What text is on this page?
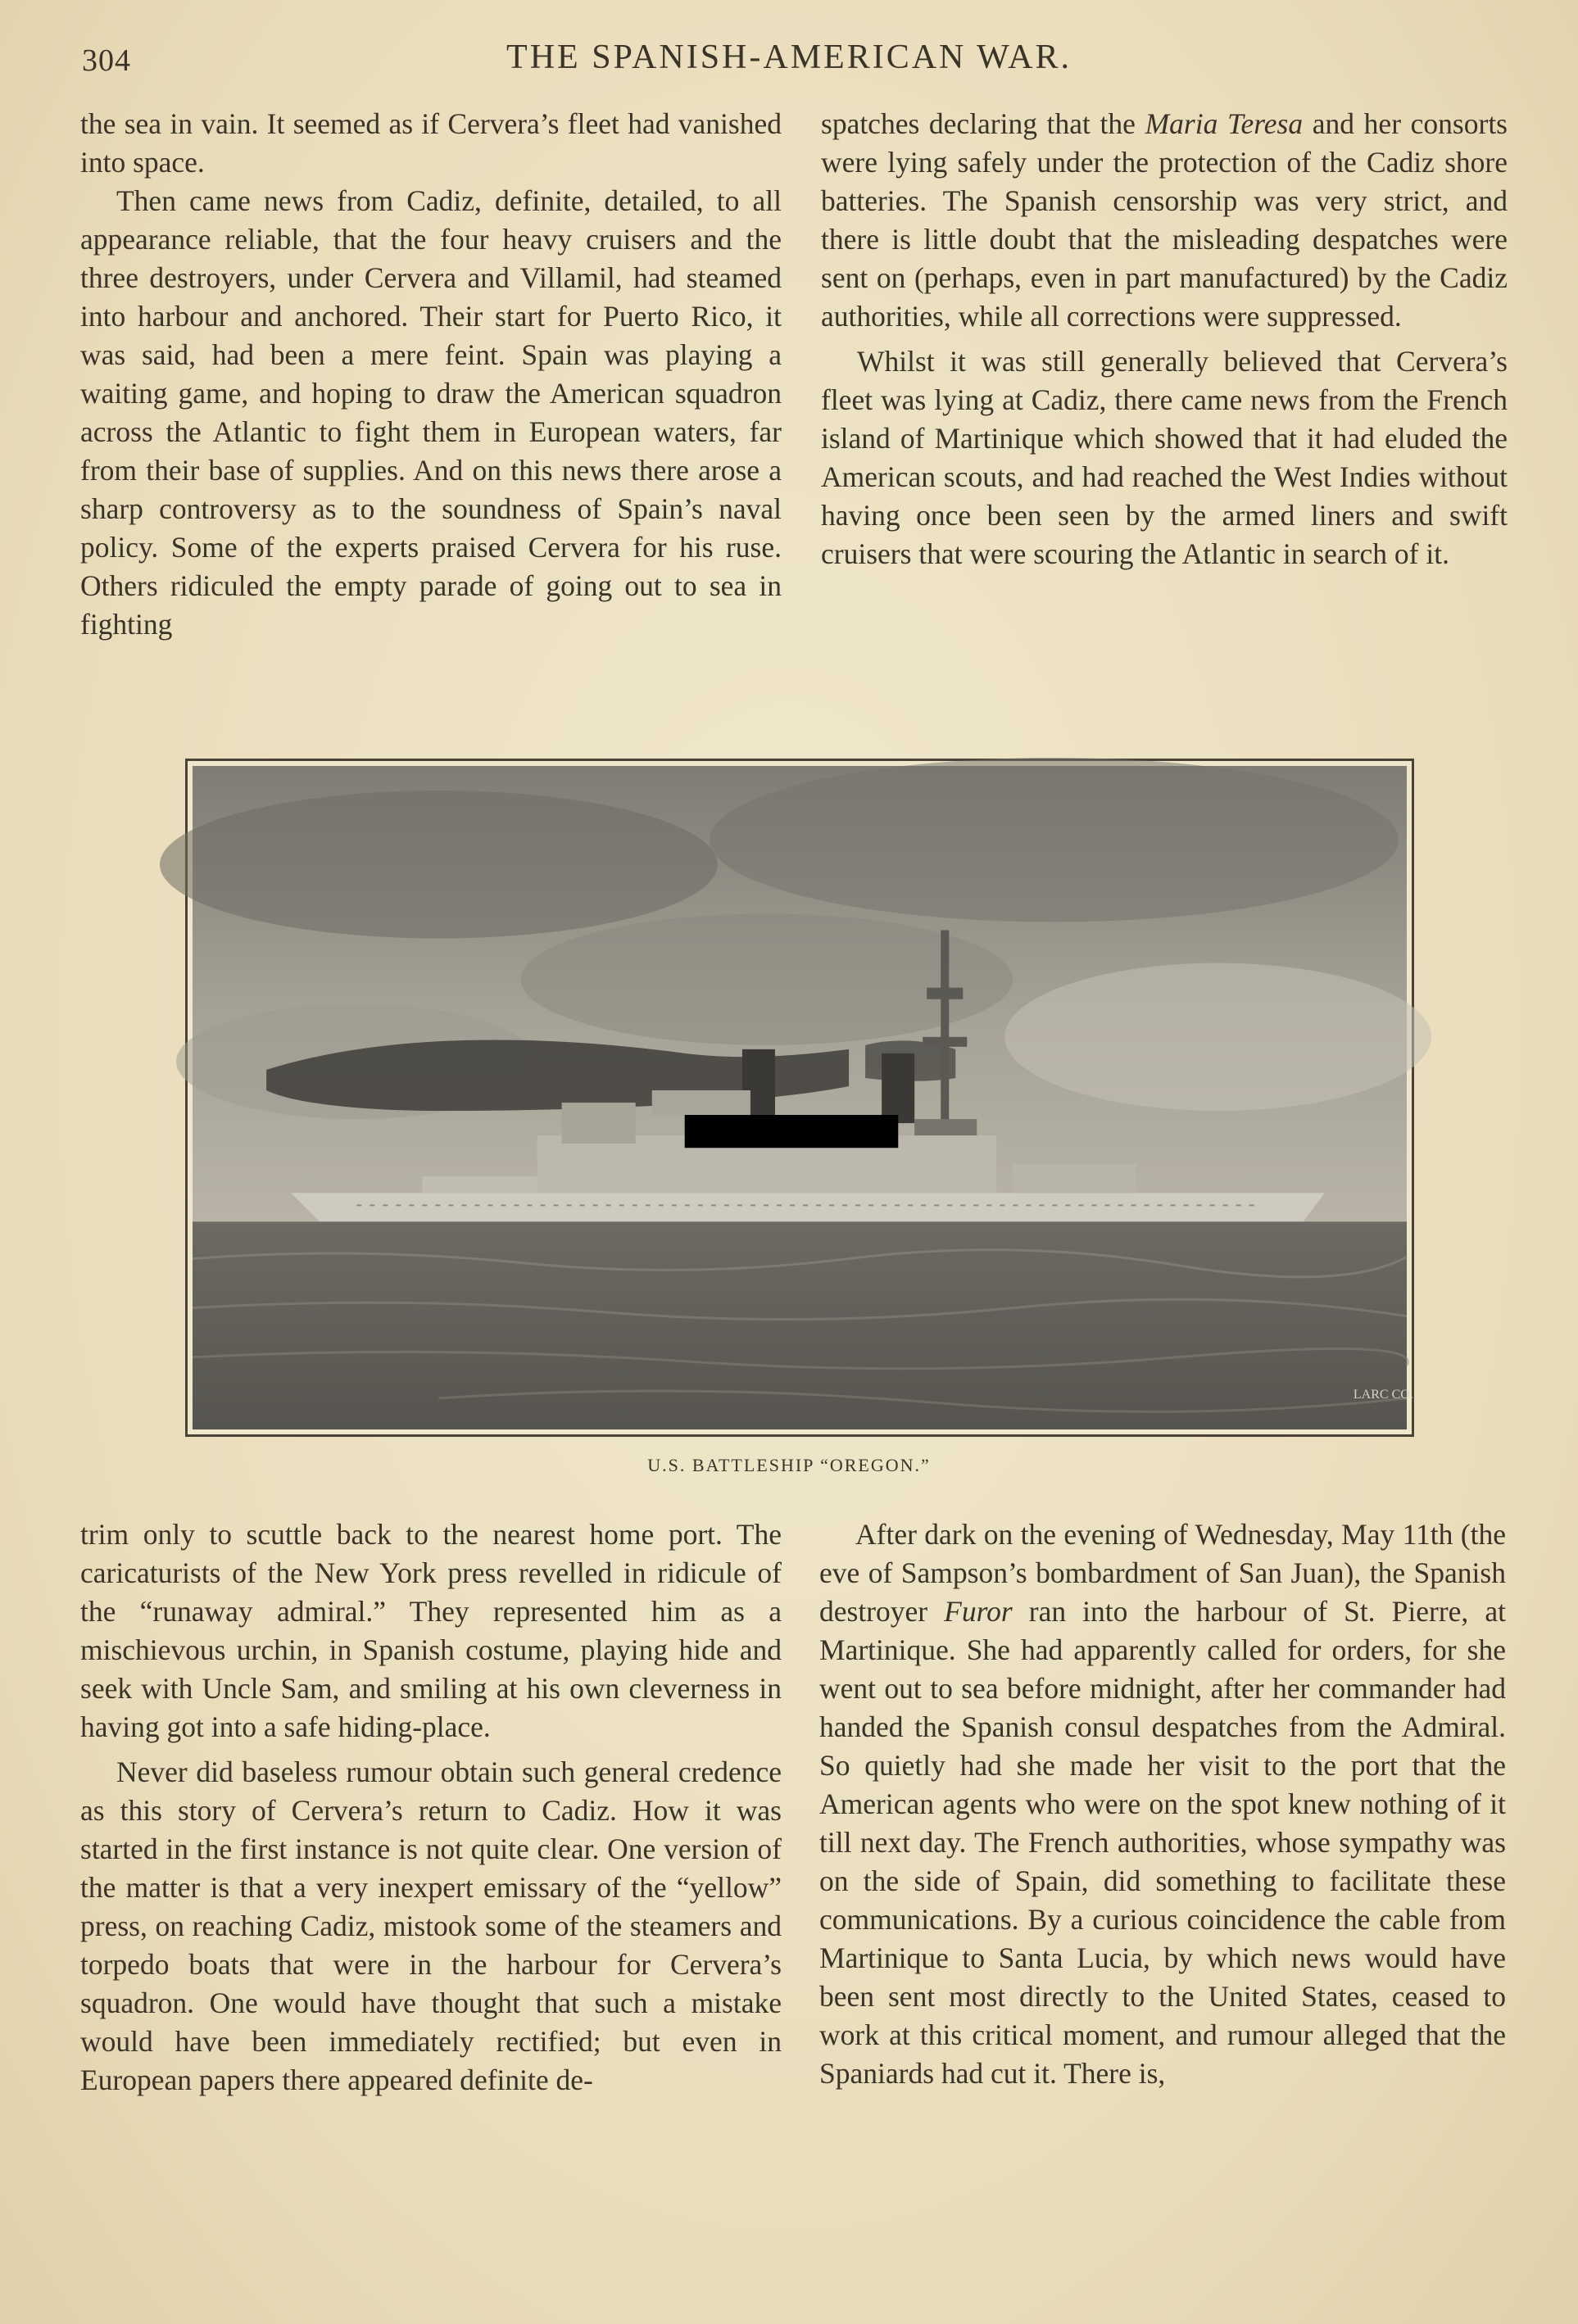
304	THE SPANISH-AMERICAN WAR.

the sea in vain. It seemed as if Cervera’s fleet had vanished into space.

Then came news from Cadiz, definite, detailed, to all appearance reliable, that the four heavy cruisers and the three destroyers, under Cervera and Villamil, had steamed into harbour and anchored. Their start for Puerto Rico, it was said, had been a mere feint. Spain was playing a waiting game, and hoping to draw the American squadron across the Atlantic to fight them in European waters, far from their base of supplies. And on this news there arose a sharp controversy as to the soundness of Spain’s naval policy. Some of the experts praised Cervera for his ruse. Others ridiculed the empty parade of going out to sea in fighting

spatches declaring that the Maria Teresa and her consorts were lying safely under the protection of the Cadiz shore batteries. The Spanish censorship was very strict, and there is little doubt that the misleading despatches were sent on (perhaps, even in part manufactured) by the Cadiz authorities, while all corrections were suppressed.

Whilst it was still generally believed that Cervera’s fleet was lying at Cadiz, there came news from the French island of Martinique which showed that it had eluded the American scouts, and had reached the West Indies without having once been seen by the armed liners and swift cruisers that were scouring the Atlantic in search of it.

LARC CO.
U.S. BATTLESHIP “OREGON.”

trim only to scuttle back to the nearest home port. The caricaturists of the New York press revelled in ridicule of the “runaway admiral.” They represented him as a mischievous urchin, in Spanish costume, playing hide and seek with Uncle Sam, and smiling at his own cleverness in having got into a safe hiding-place.

Never did baseless rumour obtain such general credence as this story of Cervera’s return to Cadiz. How it was started in the first instance is not quite clear. One version of the matter is that a very inexpert emissary of the “yellow” press, on reaching Cadiz, mistook some of the steamers and torpedo boats that were in the harbour for Cervera’s squadron. One would have thought that such a mistake would have been immediately rectified; but even in European papers there appeared definite de-

After dark on the evening of Wednesday, May 11th (the eve of Sampson’s bombardment of San Juan), the Spanish destroyer Furor ran into the harbour of St. Pierre, at Martinique. She had apparently called for orders, for she went out to sea before midnight, after her commander had handed the Spanish consul despatches from the Admiral. So quietly had she made her visit to the port that the American agents who were on the spot knew nothing of it till next day. The French authorities, whose sympathy was on the side of Spain, did something to facilitate these communications. By a curious coincidence the cable from Martinique to Santa Lucia, by which news would have been sent most directly to the United States, ceased to work at this critical moment, and rumour alleged that the Spaniards had cut it. There is,
